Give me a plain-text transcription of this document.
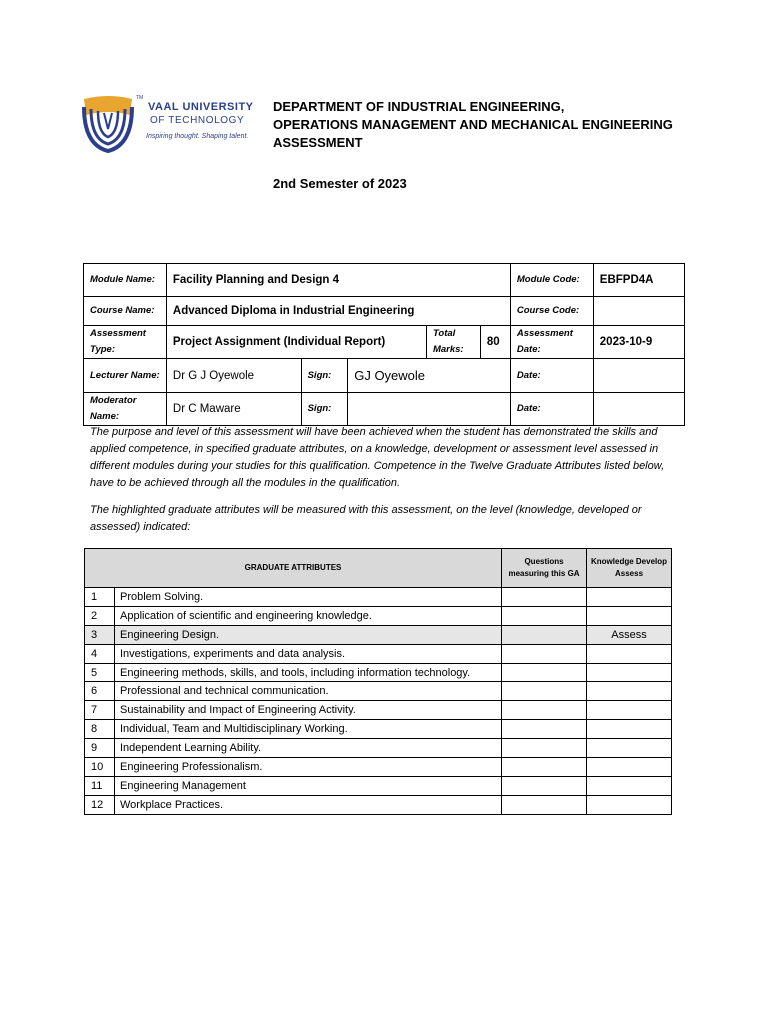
TM
VAAL UNIVERSITY
OF TECHNOLOGY
Inspiring thought. Shaping talent.
DEPARTMENT OF INDUSTRIAL ENGINEERING,
OPERATIONS MANAGEMENT AND MECHANICAL ENGINEERING
ASSESSMENT
2nd Semester of 2023
Module Name:	Facility Planning and Design 4					Module Code:	EBFPD4A
Course Name:	Advanced Diploma in Industrial Engineering					Course Code:	
Assessment Type:	Project Assignment (Individual Report)			Total Marks:	80	Assessment Date:	2023-10-9
Lecturer Name:	Dr G J Oyewole	Sign:	GJ Oyewole			Date:	
Moderator Name:	Dr C Maware	Sign:				Date:	
The purpose and level of this assessment will have been achieved when the student has demonstrated the skills and applied competence, in specified graduate attributes, on a knowledge, development or assessment level assessed in different modules during your studies for this qualification. Competence in the Twelve Graduate Attributes listed below, have to be achieved through all the modules in the qualification.
The highlighted graduate attributes will be measured with this assessment, on the level (knowledge, developed or assessed) indicated:
GRADUATE ATTRIBUTES		Questions measuring this GA	Knowledge Develop Assess
1	Problem Solving.		
2	Application of scientific and engineering knowledge.		
3	Engineering Design.		Assess
4	Investigations, experiments and data analysis.		
5	Engineering methods, skills, and tools, including information technology.		
6	Professional and technical communication.		
7	Sustainability and Impact of Engineering Activity.		
8	Individual, Team and Multidisciplinary Working.		
9	Independent Learning Ability.		
10	Engineering Professionalism.		
11	Engineering Management		
12	Workplace Practices.		
